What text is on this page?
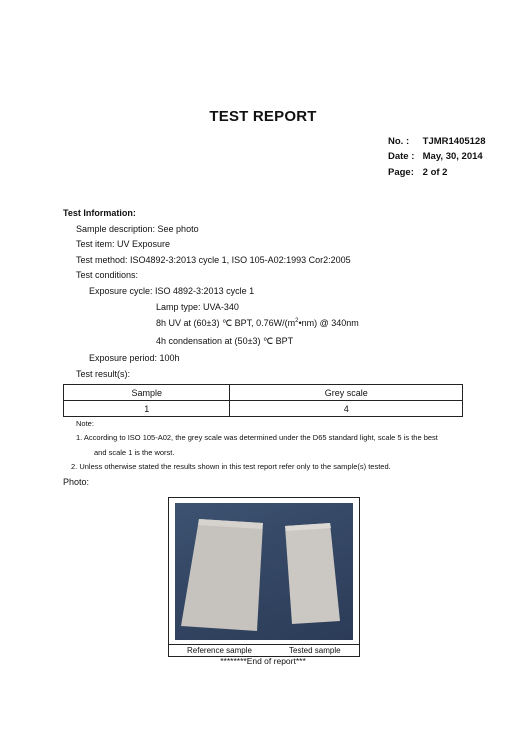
TEST REPORT
No. : TJMR1405128
Date : May, 30, 2014
Page: 2 of 2
Test Information:
Sample description: See photo
Test item: UV Exposure
Test method: ISO4892-3:2013 cycle 1, ISO 105-A02:1993 Cor2:2005
Test conditions:
Exposure cycle: ISO 4892-3:2013 cycle 1
Lamp type: UVA-340
8h UV at (60±3) ℃ BPT, $0.76W/(m^2•nm)$ @ 340nm
4h condensation at (50±3) ℃ BPT
Exposure period: 100h
Test result(s):
Sample	Grey scale
1	4
Note:
1. According to ISO 105-A02, the grey scale was determined under the D65 standard light, scale 5 is the best
and scale 1 is the worst.
2. Unless otherwise stated the results shown in this test report refer only to the sample(s) tested.
Photo:
Reference sample	Tested sample
********End of report***
